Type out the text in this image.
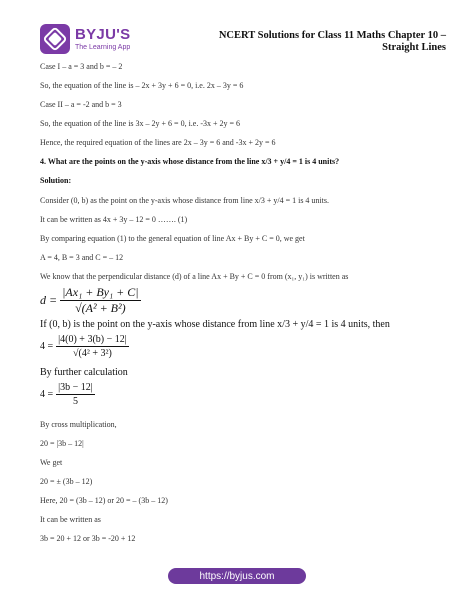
BYJU'S
The Learning App
NCERT Solutions for Class 11 Maths Chapter 10 –
Straight Lines
Case I – a = 3 and b = – 2
So, the equation of the line is – 2x + 3y + 6 = 0, i.e. 2x – 3y = 6
Case II – a = -2 and b = 3
So, the equation of the line is 3x – 2y + 6 = 0, i.e. -3x + 2y = 6
Hence, the required equation of the lines are 2x – 3y = 6 and -3x + 2y = 6
4. What are the points on the y-axis whose distance from the line x/3 + y/4 = 1 is 4 units?
Solution:
Consider (0, b) as the point on the y-axis whose distance from line x/3 + y/4 = 1 is 4 units.
It can be written as 4x + 3y – 12 = 0 ……. (1)
By comparing equation (1) to the general equation of line Ax + By + C = 0, we get
A = 4, B = 3 and C = – 12
We know that the perpendicular distance (d) of a line Ax + By + C = 0 from (x₁, y₁) is written as
$d = \frac{\text{|Ax₁ + By₁ + C|}}{\text{√(A² + B²)}}$
If (0, b) is the point on the y-axis whose distance from line x/3 + y/4 = 1 is 4 units, then
$4 = \frac{|4(0) + 3(b) - 12|}{\text{√(4² + 3²)}}$
By further calculation
$4 = \frac{|3b - 12|}{5}$
By cross multiplication,
20 = |3b – 12|
We get
20 = ± (3b – 12)
Here, 20 = (3b – 12) or 20 = – (3b – 12)
It can be written as
3b = 20 + 12 or 3b = -20 + 12
https://byjus.com
